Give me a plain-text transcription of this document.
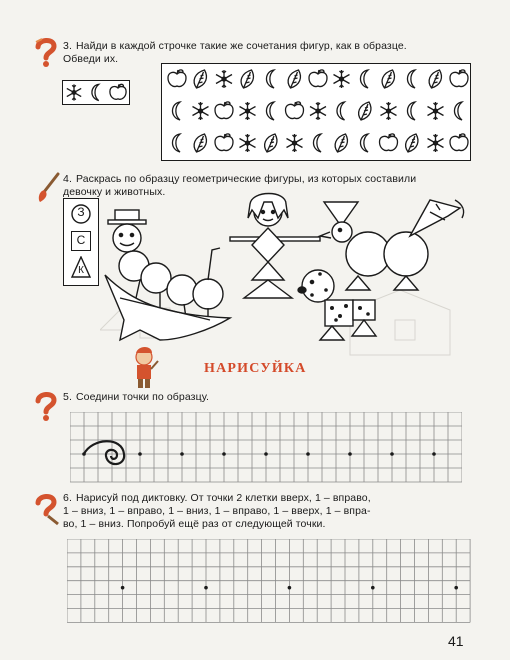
3. Найди в каждой строчке такие же сочетания фигур, как в образце.
Обведи их.
4. Раскрась по образцу геометрические фигуры, из которых составили
девочку и животных.
З
С
$_К$
НАРИСУЙКА
5. Соедини точки по образцу.
6. Нарисуй под диктовку. От точки 2 клетки вверх, 1 – вправо,
1 – вниз, 1 – вправо, 1 – вниз, 1 – вправо, 1 – вверх, 1 – впра-
во, 1 – вниз. Попробуй ещё раз от следующей точки.
41
